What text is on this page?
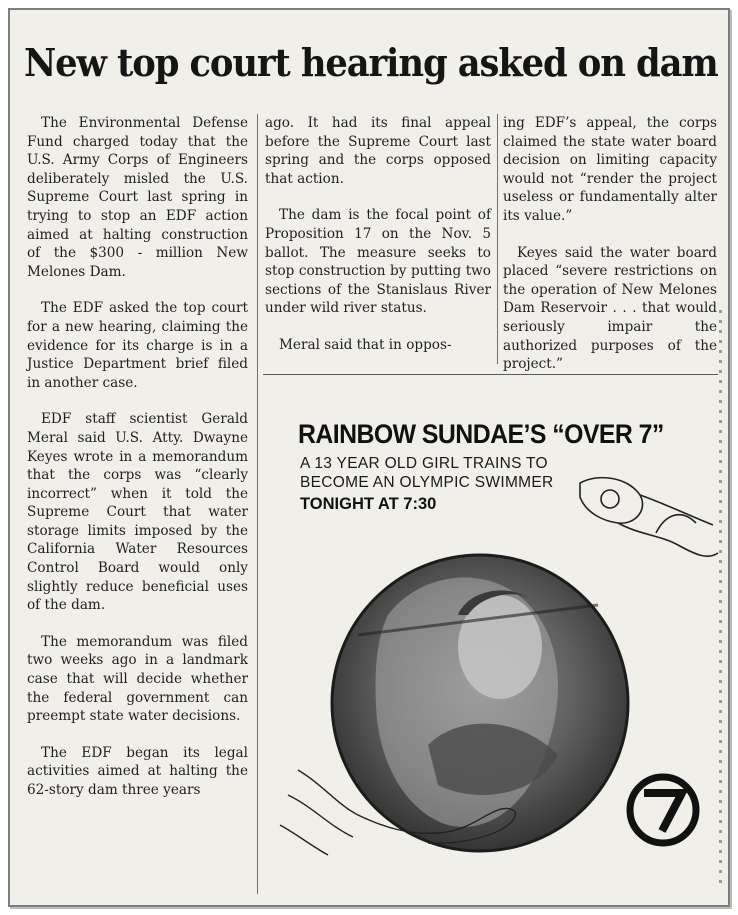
New top court hearing asked on dam

The Environmental Defense Fund charged today that the U.S. Army Corps of Engineers deliberately misled the U.S. Supreme Court last spring in trying to stop an EDF action aimed at halting construction of the $300 - million New Melones Dam.

The EDF asked the top court for a new hearing, claiming the evidence for its charge is in a Justice Department brief filed in another case.

EDF staff scientist Gerald Meral said U.S. Atty. Dwayne Keyes wrote in a memorandum that the corps was “clearly incorrect” when it told the Supreme Court that water storage limits imposed by the California Water Resources Control Board would only slightly reduce beneficial uses of the dam.

The memorandum was filed two weeks ago in a landmark case that will decide whether the federal government can preempt state water decisions.

The EDF began its legal activities aimed at halting the 62-story dam three years

ago. It had its final appeal before the Supreme Court last spring and the corps opposed that action.

The dam is the focal point of Proposition 17 on the Nov. 5 ballot. The measure seeks to stop construction by putting two sections of the Stanislaus River under wild river status.

Meral said that in oppos-

ing EDF’s appeal, the corps claimed the state water board decision on limiting capacity would not “render the project useless or fundamentally alter its value.”

Keyes said the water board placed “severe restrictions on the operation of New Melones Dam Reservoir . . . that would seriously impair the authorized purposes of the project.”

RAINBOW SUNDAE’S “OVER 7”
A 13 YEAR OLD GIRL TRAINS TO
BECOME AN OLYMPIC SWIMMER
TONIGHT AT 7:30
